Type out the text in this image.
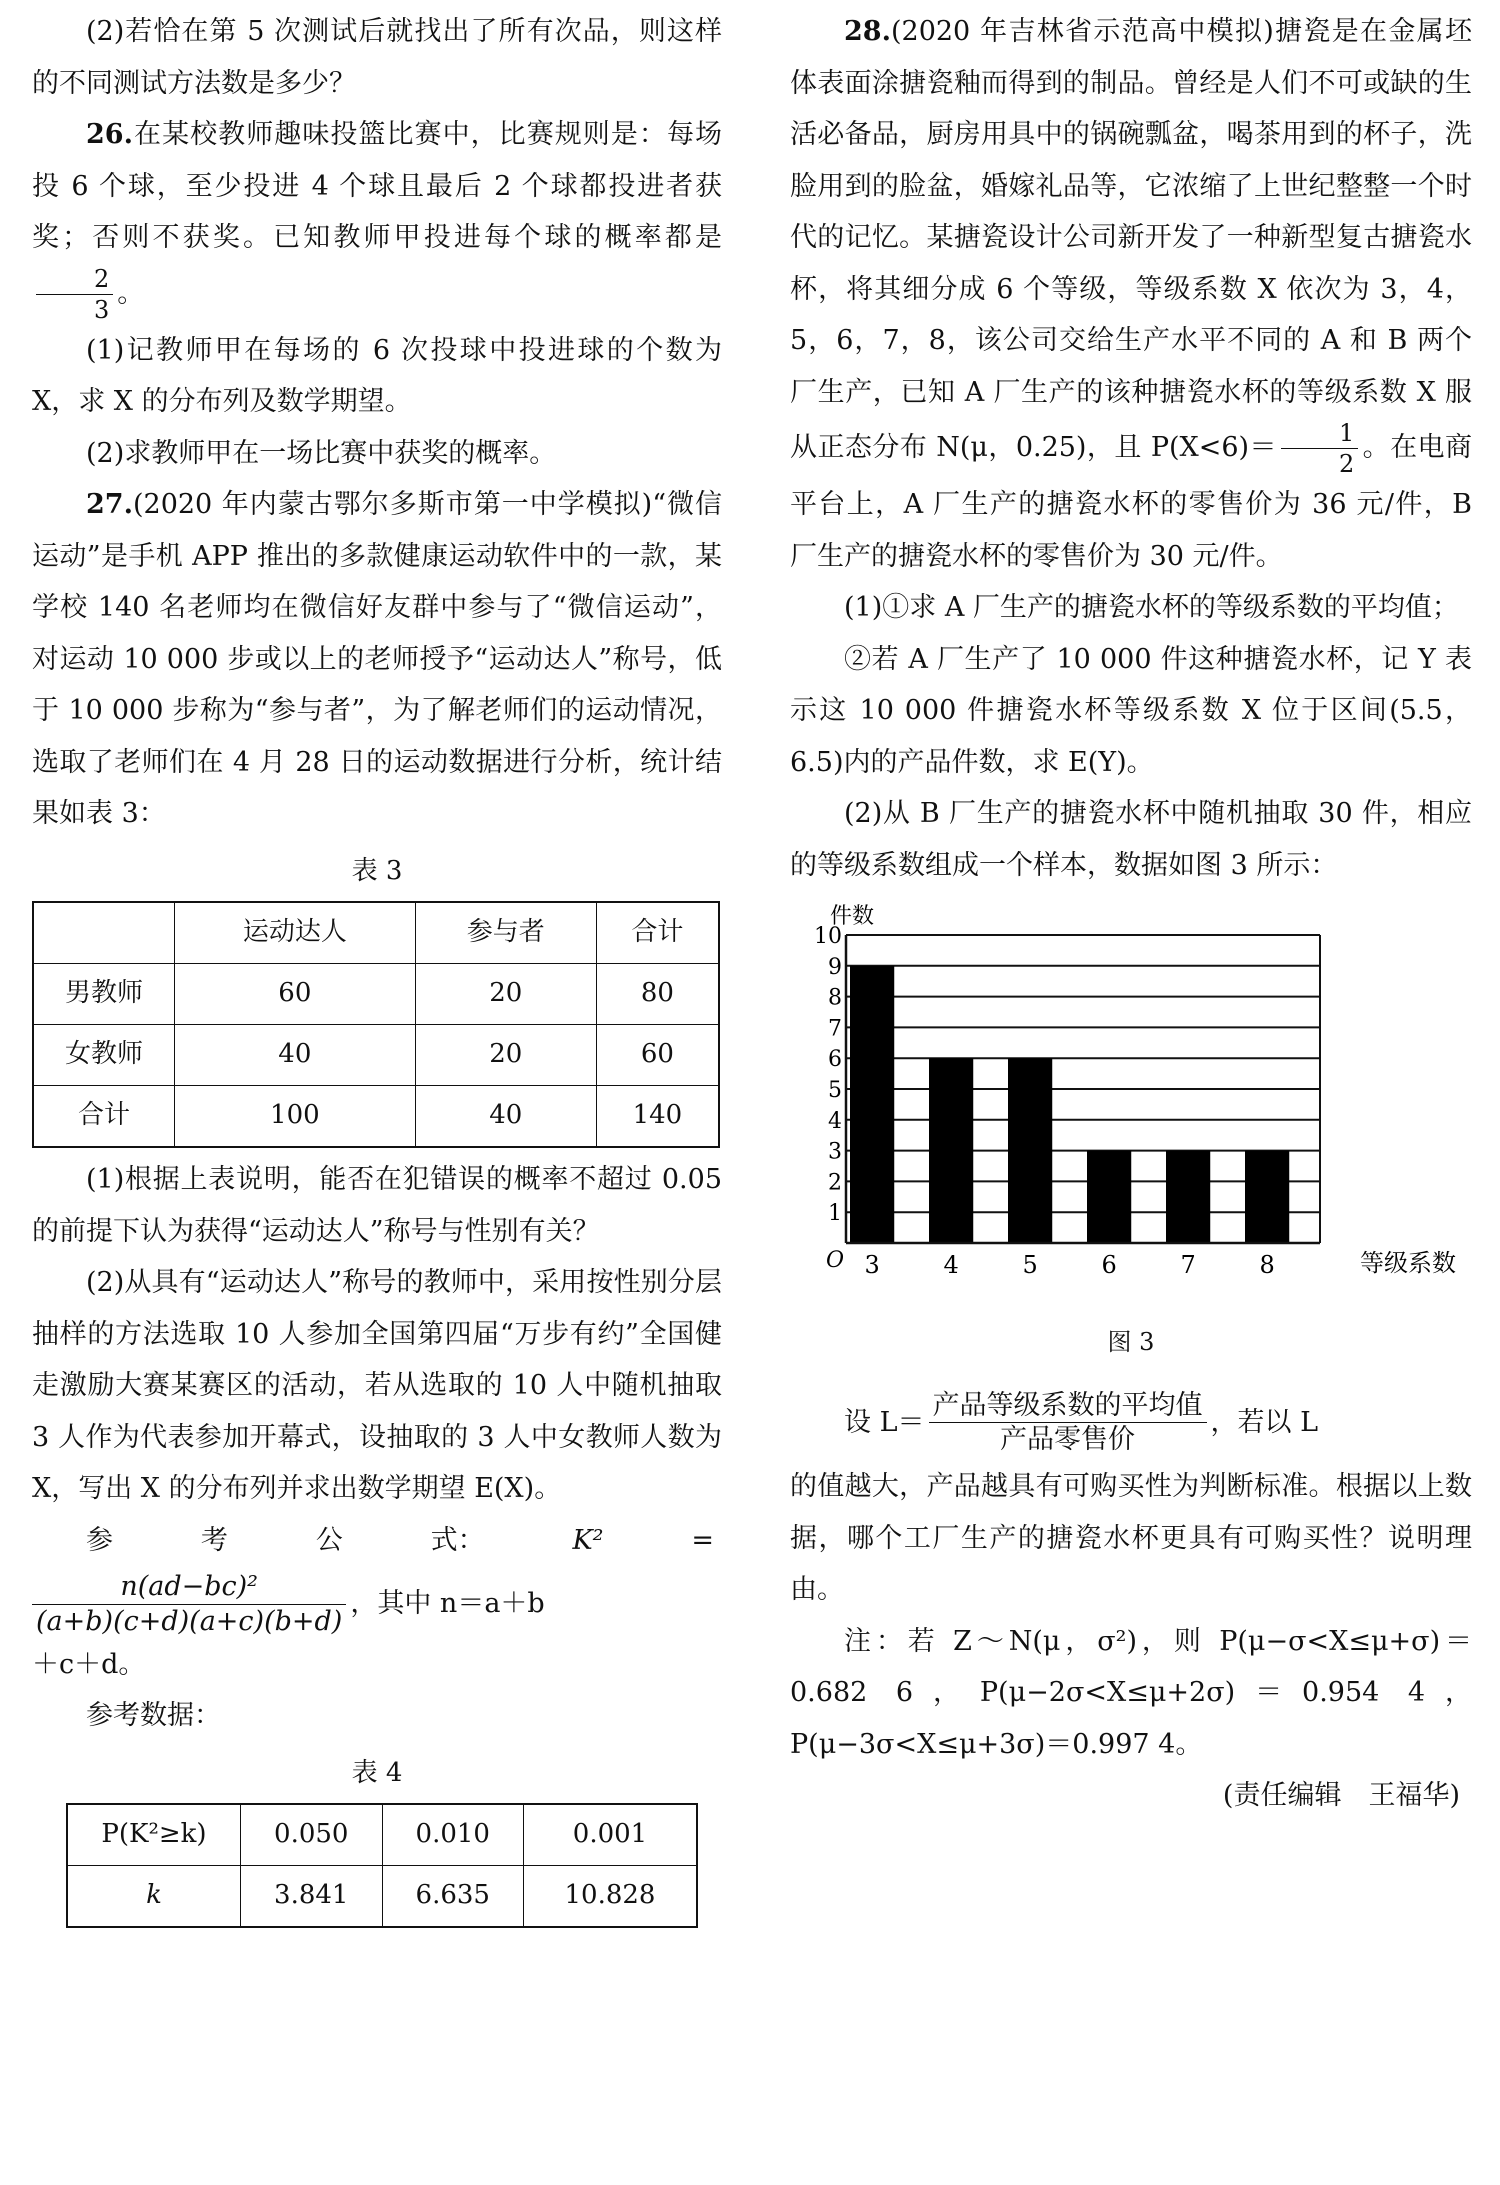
(2)若恰在第 5 次测试后就找出了所有次品，则这样的不同测试方法数是多少？

26.在某校教师趣味投篮比赛中，比赛规则是：每场投 6 个球，至少投进 4 个球且最后 2 个球都投进者获奖；否则不获奖。已知教师甲投进每个球的概率都是
$\frac{2}{3}$ 。

(1)记教师甲在每场的 6 次投球中投进球的个数为 X，求 X 的分布列及数学期望。

(2)求教师甲在一场比赛中获奖的概率。

27.(2020 年内蒙古鄂尔多斯市第一中学模拟)“微信运动”是手机 APP 推出的多款健康运动软件中的一款，某学校 140 名老师均在微信好友群中参与了“微信运动”，对运动 10 000 步或以上的老师授予“运动达人”称号，低于 10 000 步称为“参与者”，为了解老师们的运动情况，选取了老师们在 4 月 28 日的运动数据进行分析，统计结果如表 3：

表 3
	运动达人	参与者	合计
男教师	60	20	80
女教师	40	20	60
合计	100	40	140

(1)根据上表说明，能否在犯错误的概率不超过 0.05 的前提下认为获得“运动达人”称号与性别有关？

(2)从具有“运动达人”称号的教师中，采用按性别分层抽样的方法选取 10 人参加全国第四届“万步有约”全国健走激励大赛某赛区的活动，若从选取的 10 人中随机抽取 3 人作为代表参加开幕式，设抽取的 3 人中女教师人数为 X，写出 X 的分布列并求出数学期望 E(X)。

参	考	公	式：	K²	=
$\frac{\text{n(ad−bc)²}}{(a+b)(c+d)(a+c)(b+d)}$ ，其中 n＝a＋b

＋c＋d。

参考数据：

表 4
P(K²≥k)	0.050	0.010	0.001
k	3.841	6.635	10.828

28.(2020 年吉林省示范高中模拟)搪瓷是在金属坯体表面涂搪瓷釉而得到的制品。曾经是人们不可或缺的生活必备品，厨房用具中的锅碗瓢盆，喝茶用到的杯子，洗脸用到的脸盆，婚嫁礼品等，它浓缩了上世纪整整一个时代的记忆。某搪瓷设计公司新开发了一种新型复古搪瓷水杯，将其细分成 6 个等级，等级系数 X 依次为 3，4，5，6，7，8，该公司交给生产水平不同的 A 和 B 两个厂生产，已知 A 厂生产的该种搪瓷水杯的等级系数 X 服从正态分布 N(μ，0.25)，且 $P(X<6)= \frac{1}{2}$ 。在电商平台上，A 厂生产的搪瓷水杯的零售价为 36 元/件，B 厂生产的搪瓷水杯的零售价为 30 元/件。

(1)①求 A 厂生产的搪瓷水杯的等级系数的平均值；

②若 A 厂生产了 10 000 件这种搪瓷水杯，记 Y 表示这 10 000 件搪瓷水杯等级系数 X 位于区间(5.5，6.5)内的产品件数，求 E(Y)。

(2)从 B 厂生产的搪瓷水杯中随机抽取 30 件，相应的等级系数组成一个样本，数据如图 3 所示：

3	4	5	6	7	8
1
2
3
4
5
6
7
8
9
10
O
件数
等级系数
图 3
设 $L= \frac{\text{产品等级系数的平均值}}{\text{产品零售价}}$ ，若以 L

的值越大，产品越具有可购买性为判断标准。根据以上数据，哪个工厂生产的搪瓷水杯更具有可购买性？说明理由。

注：若 Z～N(μ，σ²)，则 P(μ−σ<X≤μ+σ)＝0.682 6，P(μ−2σ<X≤μ+2σ)＝0.954 4，P(μ−3σ<X≤μ+3σ)＝0.997 4。

(责任编辑　王福华)
